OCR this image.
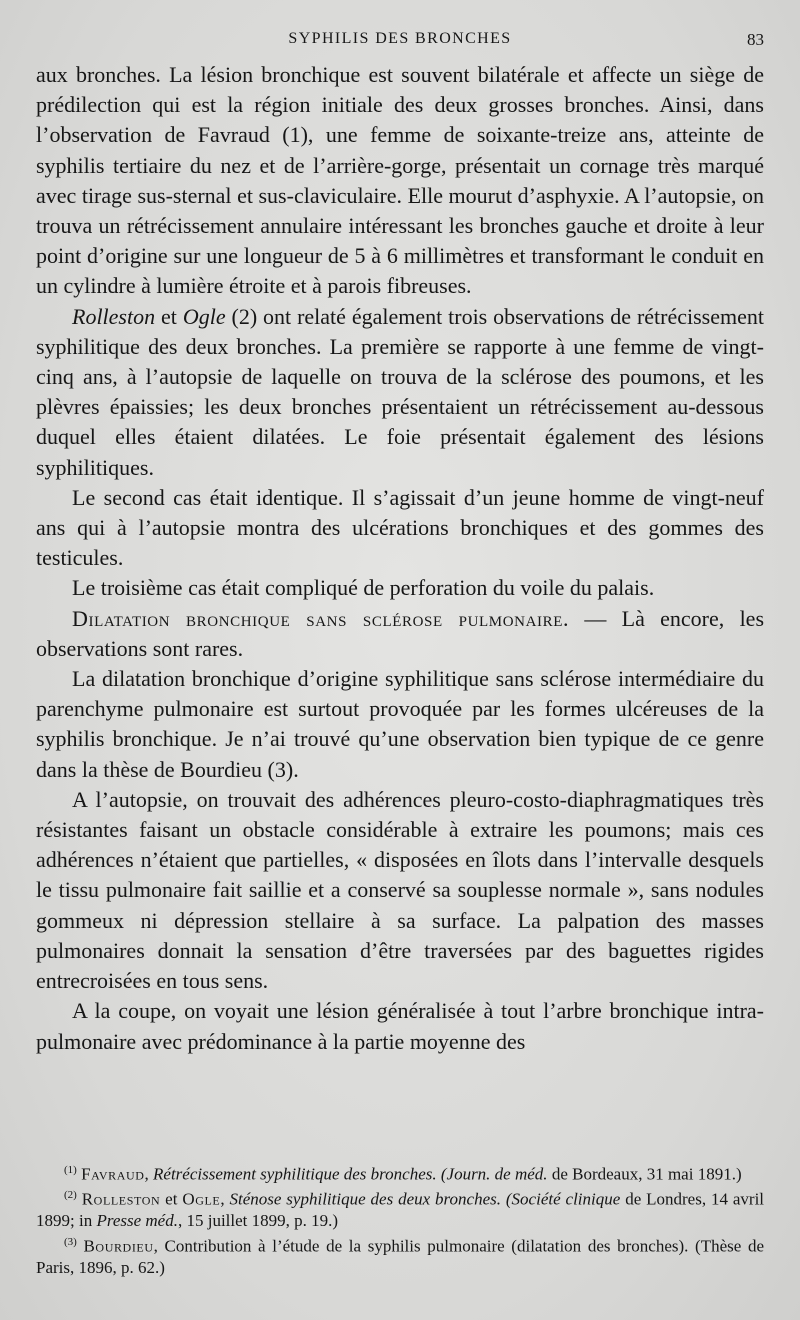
SYPHILIS DES BRONCHES	83

aux bronches. La lésion bronchique est souvent bilatérale et affecte un siège de prédilection qui est la région initiale des deux grosses bronches. Ainsi, dans l’observation de Favraud (1), une femme de soixante-treize ans, atteinte de syphilis tertiaire du nez et de l’arrière-gorge, présentait un cornage très marqué avec tirage sus-sternal et sus-claviculaire. Elle mourut d’asphyxie. A l’autopsie, on trouva un rétrécissement annulaire intéressant les bronches gauche et droite à leur point d’origine sur une longueur de 5 à 6 millimètres et transformant le conduit en un cylindre à lumière étroite et à parois fibreuses.

Rolleston et Ogle (2) ont relaté également trois observations de rétrécissement syphilitique des deux bronches. La première se rapporte à une femme de vingt-cinq ans, à l’autopsie de laquelle on trouva de la sclérose des poumons, et les plèvres épaissies; les deux bronches présentaient un rétrécissement au-dessous duquel elles étaient dilatées. Le foie présentait également des lésions syphilitiques.

Le second cas était identique. Il s’agissait d’un jeune homme de vingt-neuf ans qui à l’autopsie montra des ulcérations bronchiques et des gommes des testicules.

Le troisième cas était compliqué de perforation du voile du palais.

Dilatation bronchique sans sclérose pulmonaire. — Là encore, les observations sont rares.

La dilatation bronchique d’origine syphilitique sans sclérose intermédiaire du parenchyme pulmonaire est surtout provoquée par les formes ulcéreuses de la syphilis bronchique. Je n’ai trouvé qu’une observation bien typique de ce genre dans la thèse de Bourdieu (3).

A l’autopsie, on trouvait des adhérences pleuro-costo-diaphragmatiques très résistantes faisant un obstacle considérable à extraire les poumons; mais ces adhérences n’étaient que partielles, « disposées en îlots dans l’intervalle desquels le tissu pulmonaire fait saillie et a conservé sa souplesse normale », sans nodules gommeux ni dépression stellaire à sa surface. La palpation des masses pulmonaires donnait la sensation d’être traversées par des baguettes rigides entrecroisées en tous sens.

A la coupe, on voyait une lésion généralisée à tout l’arbre bronchique intra-pulmonaire avec prédominance à la partie moyenne des

$^{(1)}$ Favraud, Rétrécissement syphilitique des bronches. (Journ. de méd. de Bordeaux, 31 mai 1891.)

$^{(2)}$ Rolleston et Ogle, Sténose syphilitique des deux bronches. (Société clinique de Londres, 14 avril 1899; in Presse méd., 15 juillet 1899, p. 19.)

$^{(3)}$ Bourdieu, Contribution à l’étude de la syphilis pulmonaire (dilatation des bronches). (Thèse de Paris, 1896, p. 62.)
